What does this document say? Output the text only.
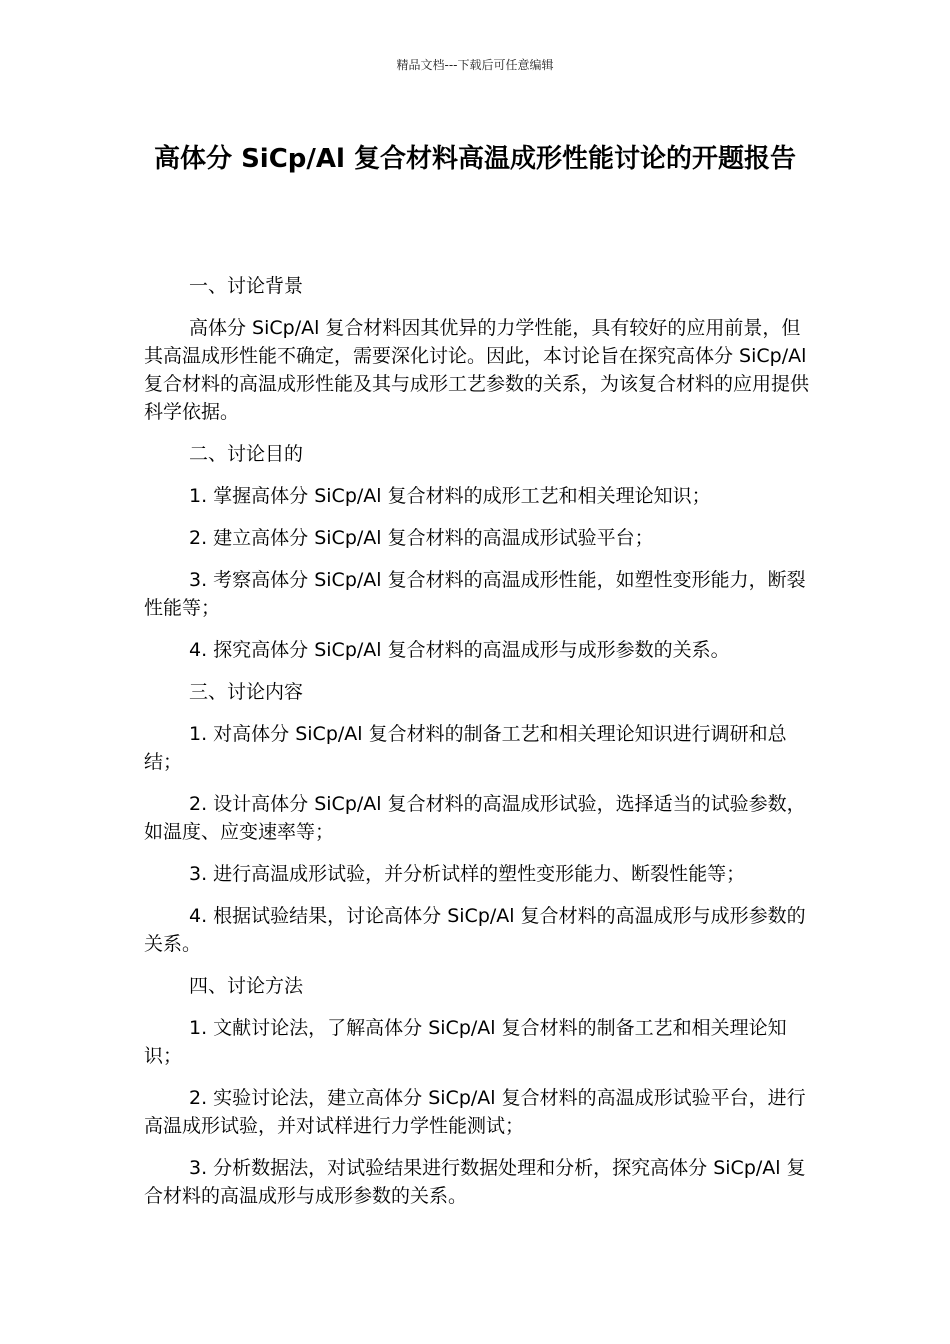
精品文档---下载后可任意编辑
高体分 SiCp/Al 复合材料高温成形性能讨论的开题报告

一、讨论背景

高体分 SiCp/Al 复合材料因其优异的力学性能，具有较好的应用前景，但其高温成形性能不确定，需要深化讨论。因此，本讨论旨在探究高体分 SiCp/Al 复合材料的高温成形性能及其与成形工艺参数的关系，为该复合材料的应用提供科学依据。

二、讨论目的

1. 掌握高体分 SiCp/Al 复合材料的成形工艺和相关理论知识；

2. 建立高体分 SiCp/Al 复合材料的高温成形试验平台；

3. 考察高体分 SiCp/Al 复合材料的高温成形性能，如塑性变形能力，断裂性能等；

4. 探究高体分 SiCp/Al 复合材料的高温成形与成形参数的关系。

三、讨论内容

1. 对高体分 SiCp/Al 复合材料的制备工艺和相关理论知识进行调研和总结；

2. 设计高体分 SiCp/Al 复合材料的高温成形试验，选择适当的试验参数，如温度、应变速率等；

3. 进行高温成形试验，并分析试样的塑性变形能力、断裂性能等；

4. 根据试验结果，讨论高体分 SiCp/Al 复合材料的高温成形与成形参数的关系。

四、讨论方法

1. 文献讨论法，了解高体分 SiCp/Al 复合材料的制备工艺和相关理论知识；

2. 实验讨论法，建立高体分 SiCp/Al 复合材料的高温成形试验平台，进行高温成形试验，并对试样进行力学性能测试；

3. 分析数据法，对试验结果进行数据处理和分析，探究高体分 SiCp/Al 复合材料的高温成形与成形参数的关系。
